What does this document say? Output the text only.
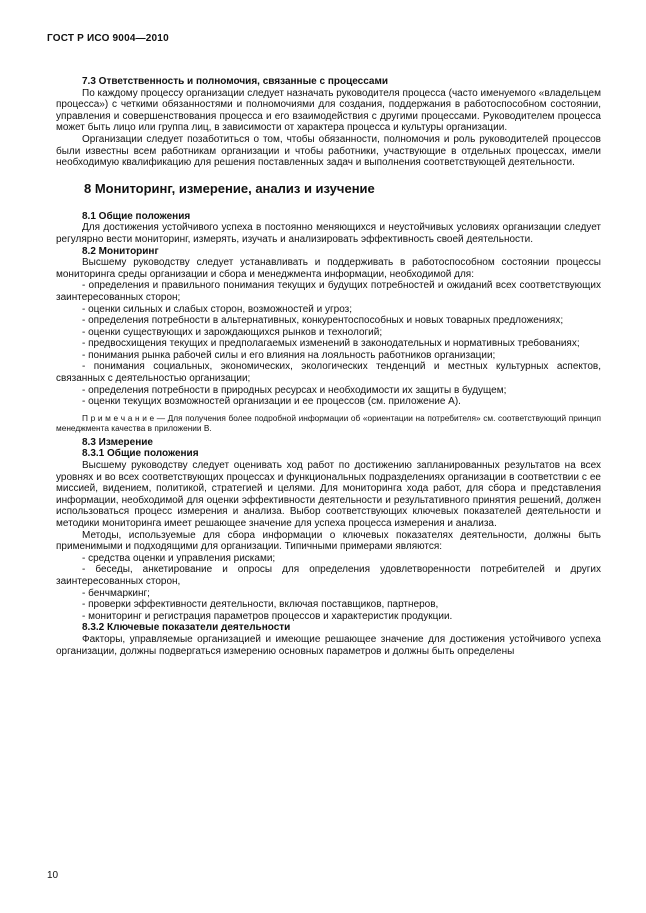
ГОСТ Р ИСО 9004—2010

7.3 Ответственность и полномочия, связанные с процессами

По каждому процессу организации следует назначать руководителя процесса (часто именуемого «владельцем процесса») с четкими обязанностями и полномочиями для создания, поддержания в работоспособном состоянии, управления и совершенствования процесса и его взаимодействия с другими процессами. Руководителем процесса может быть лицо или группа лиц, в зависимости от характера процесса и культуры организации.

Организации следует позаботиться о том, чтобы обязанности, полномочия и роль руководителей процессов были известны всем работникам организации и чтобы работники, участвующие в отдельных процессах, имели необходимую квалификацию для решения поставленных задач и выполнения соответствующей деятельности.

8 Мониторинг, измерение, анализ и изучение

8.1 Общие положения

Для достижения устойчивого успеха в постоянно меняющихся и неустойчивых условиях организации следует регулярно вести мониторинг, измерять, изучать и анализировать эффективность своей деятельности.

8.2 Мониторинг

Высшему руководству следует устанавливать и поддерживать в работоспособном состоянии процессы мониторинга среды организации и сбора и менеджмента информации, необходимой для:

- определения и правильного понимания текущих и будущих потребностей и ожиданий всех соответствующих заинтересованных сторон;

- оценки сильных и слабых сторон, возможностей и угроз;

- определения потребности в альтернативных, конкурентоспособных и новых товарных предложениях;

- оценки существующих и зарождающихся рынков и технологий;

- предвосхищения текущих и предполагаемых изменений в законодательных и нормативных требованиях;

- понимания рынка рабочей силы и его влияния на лояльность работников организации;

- понимания социальных, экономических, экологических тенденций и местных культурных аспектов, связанных с деятельностью организации;

- определения потребности в природных ресурсах и необходимости их защиты в будущем;

- оценки текущих возможностей организации и ее процессов (см. приложение А).

П р и м е ч а н и е — Для получения более подробной информации об «ориентации на потребителя» см. соответствующий принцип менеджмента качества в приложении В.

8.3 Измерение

8.3.1 Общие положения

Высшему руководству следует оценивать ход работ по достижению запланированных результатов на всех уровнях и во всех соответствующих процессах и функциональных подразделениях организации в соответствии с ее миссией, видением, политикой, стратегией и целями. Для мониторинга хода работ, для сбора и представления информации, необходимой для оценки эффективности деятельности и результативного принятия решений, должен использоваться процесс измерения и анализа. Выбор соответствующих ключевых показателей деятельности и методики мониторинга имеет решающее значение для успеха процесса измерения и анализа.

Методы, используемые для сбора информации о ключевых показателях деятельности, должны быть применимыми и подходящими для организации. Типичными примерами являются:

- средства оценки и управления рисками;

- беседы, анкетирование и опросы для определения удовлетворенности потребителей и других заинтересованных сторон,

- бенчмаркинг;

- проверки эффективности деятельности, включая поставщиков, партнеров,

- мониторинг и регистрация параметров процессов и характеристик продукции.

8.3.2 Ключевые показатели деятельности

Факторы, управляемые организацией и имеющие решающее значение для достижения устойчивого успеха организации, должны подвергаться измерению основных параметров и должны быть определены

10
